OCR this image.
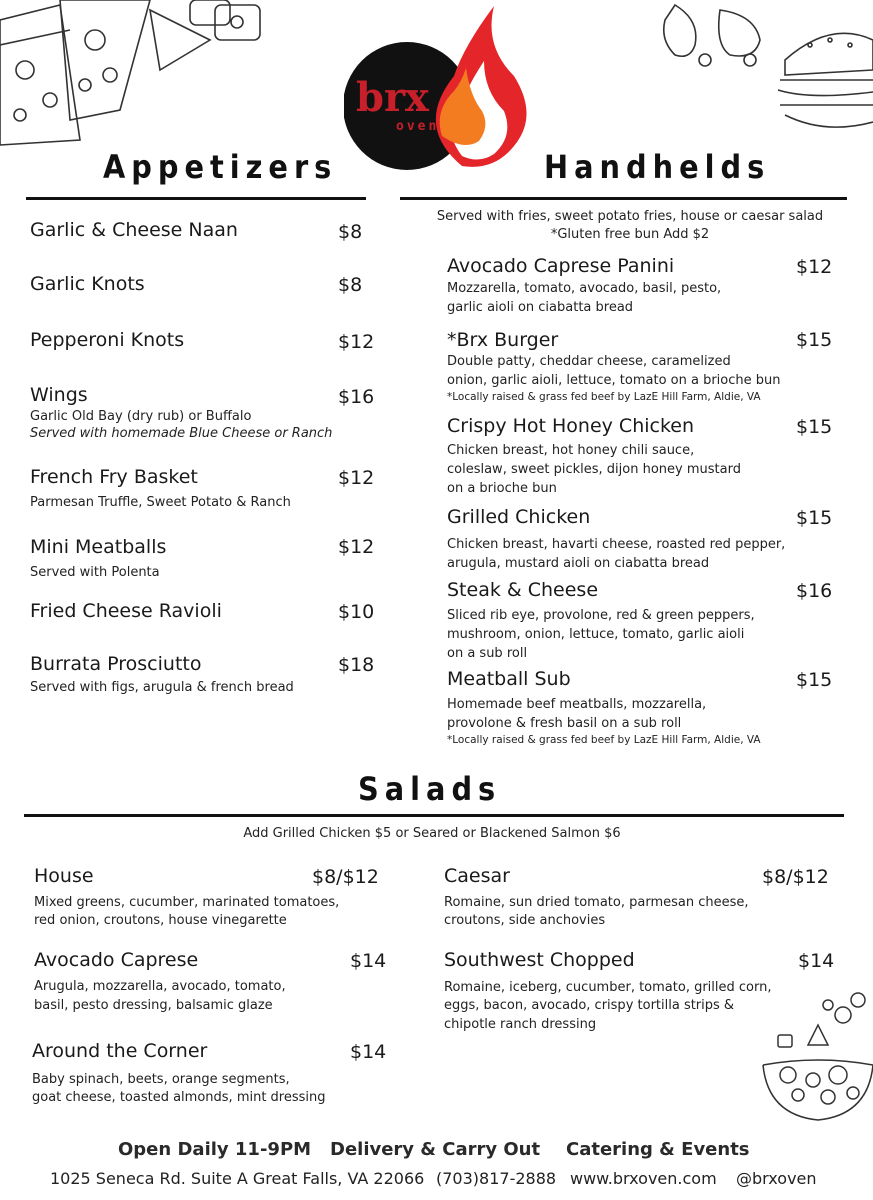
brx
oven
Appetizers
Garlic & Cheese Naan	$8
Garlic Knots	$8
Pepperoni Knots	$12
Wings	$16
Garlic Old Bay (dry rub) or Buffalo
Served with homemade Blue Cheese or Ranch
French Fry Basket	$12
Parmesan Truffle, Sweet Potato & Ranch
Mini Meatballs	$12
Served with Polenta
Fried Cheese Ravioli	$10
Burrata Prosciutto	$18
Served with figs, arugula & french bread
Handhelds
Served with fries, sweet potato fries, house or caesar salad
*Gluten free bun Add $2
Avocado Caprese Panini	$12
Mozzarella, tomato, avocado, basil, pesto,
garlic aioli on ciabatta bread
*Brx Burger	$15
Double patty, cheddar cheese, caramelized
onion, garlic aioli, lettuce, tomato on a brioche bun
*Locally raised & grass fed beef by LazE Hill Farm, Aldie, VA
Crispy Hot Honey Chicken	$15
Chicken breast, hot honey chili sauce,
coleslaw, sweet pickles, dijon honey mustard
on a brioche bun
Grilled Chicken	$15
Chicken breast, havarti cheese, roasted red pepper,
arugula, mustard aioli on ciabatta bread
Steak & Cheese	$16
Sliced rib eye, provolone, red & green peppers,
mushroom, onion, lettuce, tomato, garlic aioli
on a sub roll
Meatball Sub	$15
Homemade beef meatballs, mozzarella,
provolone & fresh basil on a sub roll
*Locally raised & grass fed beef by LazE Hill Farm, Aldie, VA
Salads
Add Grilled Chicken $5 or Seared or Blackened Salmon $6
House	$8/$12
Mixed greens, cucumber, marinated tomatoes,
red onion, croutons, house vinegarette
Caesar	$8/$12
Romaine, sun dried tomato, parmesan cheese,
croutons, side anchovies
Avocado Caprese	$14
Arugula, mozzarella, avocado, tomato,
basil, pesto dressing, balsamic glaze
Southwest Chopped	$14
Romaine, iceberg, cucumber, tomato, grilled corn,
eggs, bacon, avocado, crispy tortilla strips &
chipotle ranch dressing
Around the Corner	$14
Baby spinach, beets, orange segments,
goat cheese, toasted almonds, mint dressing
Open Daily 11-9PM Delivery & Carry Out Catering & Events
1025 Seneca Rd. Suite A Great Falls, VA 22066 (703)817-2888 www.brxoven.com @brxoven
